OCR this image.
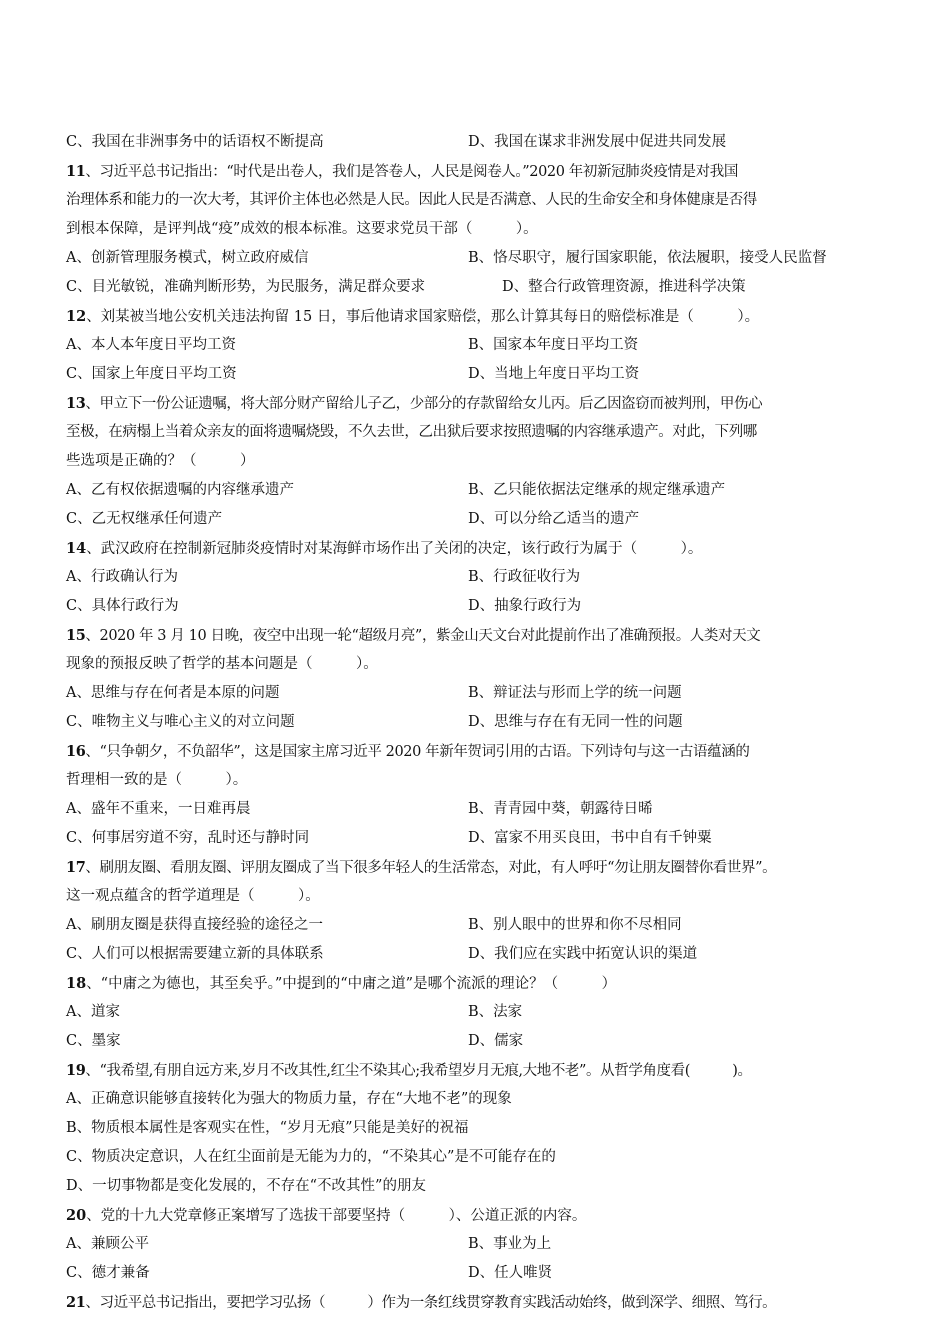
C、我国在非洲事务中的话语权不断提高	D、我国在谋求非洲发展中促进共同发展
11、习近平总书记指出：“时代是出卷人，我们是答卷人，人民是阅卷人。”2020 年初新冠肺炎疫情是对我国
治理体系和能力的一次大考，其评价主体也必然是人民。因此人民是否满意、人民的生命安全和身体健康是否得
到根本保障，是评判战“疫”成效的根本标准。这要求党员干部（　　　）。
A、创新管理服务模式，树立政府威信	B、恪尽职守，履行国家职能，依法履职，接受人民监督
C、目光敏锐，准确判断形势，为民服务，满足群众要求	D、整合行政管理资源，推进科学决策
12、刘某被当地公安机关违法拘留 15 日，事后他请求国家赔偿，那么计算其每日的赔偿标准是（　　　）。
A、本人本年度日平均工资	B、国家本年度日平均工资
C、国家上年度日平均工资	D、当地上年度日平均工资
13、甲立下一份公证遗嘱，将大部分财产留给儿子乙，少部分的存款留给女儿丙。后乙因盗窃而被判刑，甲伤心
至极，在病榻上当着众亲友的面将遗嘱烧毁，不久去世，乙出狱后要求按照遗嘱的内容继承遗产。对此，下列哪
些选项是正确的？（　　　）
A、乙有权依据遗嘱的内容继承遗产	B、乙只能依据法定继承的规定继承遗产
C、乙无权继承任何遗产	D、可以分给乙适当的遗产
14、武汉政府在控制新冠肺炎疫情时对某海鲜市场作出了关闭的决定，该行政行为属于（　　　）。
A、行政确认行为	B、行政征收行为
C、具体行政行为	D、抽象行政行为
15、2020 年 3 月 10 日晚，夜空中出现一轮“超级月亮”，紫金山天文台对此提前作出了准确预报。人类对天文
现象的预报反映了哲学的基本问题是（　　　）。
A、思维与存在何者是本原的问题	B、辩证法与形而上学的统一问题
C、唯物主义与唯心主义的对立问题	D、思维与存在有无同一性的问题
16、“只争朝夕，不负韶华”，这是国家主席习近平 2020 年新年贺词引用的古语。下列诗句与这一古语蕴涵的
哲理相一致的是（　　　）。
A、盛年不重来，一日难再晨	B、青青园中葵，朝露待日晞
C、何事居穷道不穷，乱时还与静时同	D、富家不用买良田，书中自有千钟粟
17、刷朋友圈、看朋友圈、评朋友圈成了当下很多年轻人的生活常态，对此，有人呼吁“勿让朋友圈替你看世界”。
这一观点蕴含的哲学道理是（　　　）。
A、刷朋友圈是获得直接经验的途径之一	B、别人眼中的世界和你不尽相同
C、人们可以根据需要建立新的具体联系	D、我们应在实践中拓宽认识的渠道
18、“中庸之为德也，其至矣乎。”中提到的“中庸之道”是哪个流派的理论？（　　　）
A、道家	B、法家
C、墨家	D、儒家
19、“我希望,有朋自远方来,岁月不改其性,红尘不染其心;我希望岁月无痕,大地不老”。从哲学角度看(　　　)。
A、正确意识能够直接转化为强大的物质力量，存在“大地不老”的现象
B、物质根本属性是客观实在性，“岁月无痕”只能是美好的祝福
C、物质决定意识，人在红尘面前是无能为力的，“不染其心”是不可能存在的
D、一切事物都是变化发展的，不存在“不改其性”的朋友
20、党的十九大党章修正案增写了选拔干部要坚持（　　　）、公道正派的内容。
A、兼顾公平	B、事业为上
C、德才兼备	D、任人唯贤
21、习近平总书记指出，要把学习弘扬（　　　）作为一条红线贯穿教育实践活动始终，做到深学、细照、笃行。
